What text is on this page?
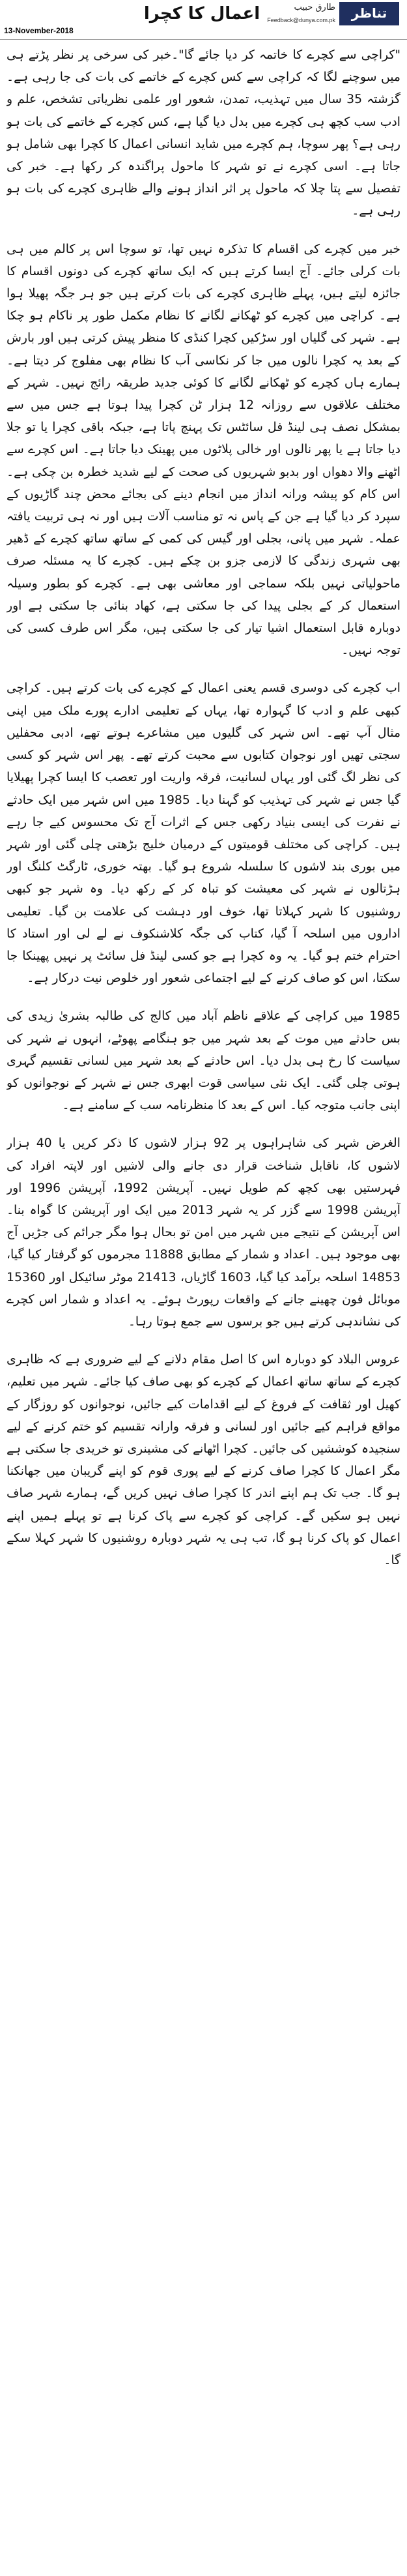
13-November-2018
تناظر
طارق حبیب
Feedback@dunya.com.pk
اعمال کا کچرا

"کراچی سے کچرے کا خاتمہ کر دیا جائے گا"۔خبر کی سرخی پر نظر پڑتے ہی میں سوچنے لگا کہ کراچی سے کس کچرے کے خاتمے کی بات کی جا رہی ہے۔ گزشتہ 35 سال میں تہذیب، تمدن، شعور اور علمی نظریاتی تشخص، علم و ادب سب کچھ ہی کچرے میں بدل دیا گیا ہے، کس کچرے کے خاتمے کی بات ہو رہی ہے؟ پھر سوچا، ہم کچرے میں شاید انسانی اعمال کا کچرا بھی شامل ہو جاتا ہے۔ اسی کچرے نے تو شہر کا ماحول پراگندہ کر رکھا ہے۔ خبر کی تفصیل سے پتا چلا کہ ماحول پر اثر انداز ہونے والے ظاہری کچرے کی بات ہو رہی ہے۔

خبر میں کچرے کی اقسام کا تذکرہ نہیں تھا، تو سوچا اس پر کالم میں ہی بات کرلی جائے۔ آج ایسا کرتے ہیں کہ ایک ساتھ کچرے کی دونوں اقسام کا جائزہ لیتے ہیں، پہلے ظاہری کچرے کی بات کرتے ہیں جو ہر جگہ پھیلا ہوا ہے۔ کراچی میں کچرے کو ٹھکانے لگانے کا نظام مکمل طور پر ناکام ہو چکا ہے۔ شہر کی گلیاں اور سڑکیں کچرا کنڈی کا منظر پیش کرتی ہیں اور بارش کے بعد یہ کچرا نالوں میں جا کر نکاسی آب کا نظام بھی مفلوج کر دیتا ہے۔ ہمارے ہاں کچرے کو ٹھکانے لگانے کا کوئی جدید طریقہ رائج نہیں۔ شہر کے مختلف علاقوں سے روزانہ 12 ہزار ٹن کچرا پیدا ہوتا ہے جس میں سے بمشکل نصف ہی لینڈ فل سائٹس تک پہنچ پاتا ہے، جبکہ باقی کچرا یا تو جلا دیا جاتا ہے یا پھر نالوں اور خالی پلاٹوں میں پھینک دیا جاتا ہے۔ اس کچرے سے اٹھنے والا دھواں اور بدبو شہریوں کی صحت کے لیے شدید خطرہ بن چکی ہے۔ اس کام کو پیشہ ورانہ انداز میں انجام دینے کی بجائے محض چند گاڑیوں کے سپرد کر دیا گیا ہے جن کے پاس نہ تو مناسب آلات ہیں اور نہ ہی تربیت یافتہ عملہ۔ شہر میں پانی، بجلی اور گیس کی کمی کے ساتھ ساتھ کچرے کے ڈھیر بھی شہری زندگی کا لازمی جزو بن چکے ہیں۔ کچرے کا یہ مسئلہ صرف ماحولیاتی نہیں بلکہ سماجی اور معاشی بھی ہے۔ کچرے کو بطور وسیلہ استعمال کر کے بجلی پیدا کی جا سکتی ہے، کھاد بنائی جا سکتی ہے اور دوبارہ قابل استعمال اشیا تیار کی جا سکتی ہیں، مگر اس طرف کسی کی توجہ نہیں۔

اب کچرے کی دوسری قسم یعنی اعمال کے کچرے کی بات کرتے ہیں۔ کراچی کبھی علم و ادب کا گہوارہ تھا، یہاں کے تعلیمی ادارے پورے ملک میں اپنی مثال آپ تھے۔ اس شہر کی گلیوں میں مشاعرے ہوتے تھے، ادبی محفلیں سجتی تھیں اور نوجوان کتابوں سے محبت کرتے تھے۔ پھر اس شہر کو کسی کی نظر لگ گئی اور یہاں لسانیت، فرقہ واریت اور تعصب کا ایسا کچرا پھیلایا گیا جس نے شہر کی تہذیب کو گہنا دیا۔ 1985 میں اس شہر میں ایک حادثے نے نفرت کی ایسی بنیاد رکھی جس کے اثرات آج تک محسوس کیے جا رہے ہیں۔ کراچی کی مختلف قومیتوں کے درمیان خلیج بڑھتی چلی گئی اور شہر میں بوری بند لاشوں کا سلسلہ شروع ہو گیا۔ بھتہ خوری، ٹارگٹ کلنگ اور ہڑتالوں نے شہر کی معیشت کو تباہ کر کے رکھ دیا۔ وہ شہر جو کبھی روشنیوں کا شہر کہلاتا تھا، خوف اور دہشت کی علامت بن گیا۔ تعلیمی اداروں میں اسلحہ آ گیا، کتاب کی جگہ کلاشنکوف نے لے لی اور استاد کا احترام ختم ہو گیا۔ یہ وہ کچرا ہے جو کسی لینڈ فل سائٹ پر نہیں پھینکا جا سکتا، اس کو صاف کرنے کے لیے اجتماعی شعور اور خلوص نیت درکار ہے۔

1985 میں کراچی کے علاقے ناظم آباد میں کالج کی طالبہ بشریٰ زیدی کی بس حادثے میں موت کے بعد شہر میں جو ہنگامے پھوٹے، انہوں نے شہر کی سیاست کا رخ ہی بدل دیا۔ اس حادثے کے بعد شہر میں لسانی تقسیم گہری ہوتی چلی گئی۔ ایک نئی سیاسی قوت ابھری جس نے شہر کے نوجوانوں کو اپنی جانب متوجہ کیا۔ اس کے بعد کا منظرنامہ سب کے سامنے ہے۔

الغرض شہر کی شاہراہوں پر 92 ہزار لاشوں کا ذکر کریں یا 40 ہزار لاشوں کا، ناقابل شناخت قرار دی جانے والی لاشیں اور لاپتہ افراد کی فہرستیں بھی کچھ کم طویل نہیں۔ آپریشن 1992، آپریشن 1996 اور آپریشن 1998 سے گزر کر یہ شہر 2013 میں ایک اور آپریشن کا گواہ بنا۔ اس آپریشن کے نتیجے میں شہر میں امن تو بحال ہوا مگر جرائم کی جڑیں آج بھی موجود ہیں۔ اعداد و شمار کے مطابق 11888 مجرموں کو گرفتار کیا گیا، 14853 اسلحہ برآمد کیا گیا، 1603 گاڑیاں، 21413 موٹر سائیکل اور 15360 موبائل فون چھینے جانے کے واقعات رپورٹ ہوئے۔ یہ اعداد و شمار اس کچرے کی نشاندہی کرتے ہیں جو برسوں سے جمع ہوتا رہا۔

عروس البلاد کو دوبارہ اس کا اصل مقام دلانے کے لیے ضروری ہے کہ ظاہری کچرے کے ساتھ ساتھ اعمال کے کچرے کو بھی صاف کیا جائے۔ شہر میں تعلیم، کھیل اور ثقافت کے فروغ کے لیے اقدامات کیے جائیں، نوجوانوں کو روزگار کے مواقع فراہم کیے جائیں اور لسانی و فرقہ وارانہ تقسیم کو ختم کرنے کے لیے سنجیدہ کوششیں کی جائیں۔ کچرا اٹھانے کی مشینری تو خریدی جا سکتی ہے مگر اعمال کا کچرا صاف کرنے کے لیے پوری قوم کو اپنے گریبان میں جھانکنا ہو گا۔ جب تک ہم اپنے اندر کا کچرا صاف نہیں کریں گے، ہمارے شہر صاف نہیں ہو سکیں گے۔ کراچی کو کچرے سے پاک کرنا ہے تو پہلے ہمیں اپنے اعمال کو پاک کرنا ہو گا، تب ہی یہ شہر دوبارہ روشنیوں کا شہر کہلا سکے گا۔
